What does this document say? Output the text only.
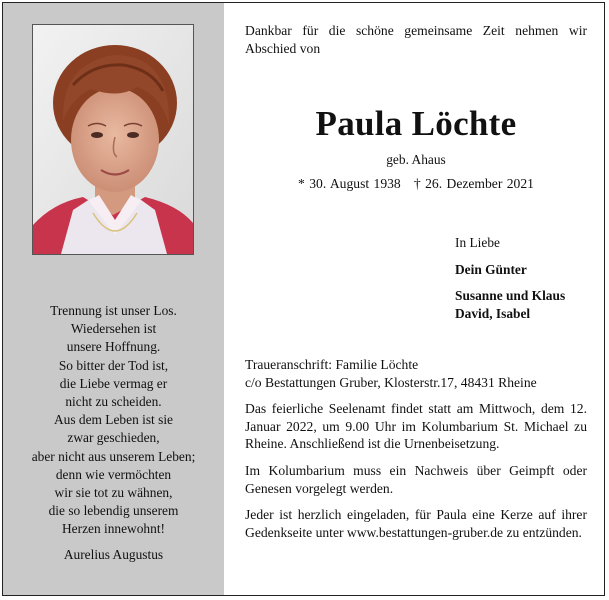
Trennung ist unser Los.
Wiedersehen ist
unsere Hoffnung.
So bitter der Tod ist,
die Liebe vermag er
nicht zu scheiden.
Aus dem Leben ist sie
zwar geschieden,
aber nicht aus unserem Leben;
denn wie vermöchten
wir sie tot zu wähnen,
die so lebendig unserem
Herzen innewohnt!
Aurelius Augustus
Dankbar für die schöne gemeinsame Zeit nehmen wir Abschied von
Paula Löchte
geb. Ahaus
* 30. August 1938   † 26. Dezember 2021
In Liebe
Dein Günter
Susanne und Klaus
David, Isabel

Traueranschrift: Familie Löchte

c/o Bestattungen Gruber, Klosterstr.17, 48431 Rheine

Das feierliche Seelenamt findet statt am Mittwoch, dem 12. Januar 2022, um 9.00 Uhr im Kolumbarium St. Michael zu Rheine. Anschließend ist die Urnenbeisetzung.

Im Kolumbarium muss ein Nachweis über Geimpft oder Genesen vorgelegt werden.

Jeder ist herzlich eingeladen, für Paula eine Kerze auf ihrer Gedenkseite unter www.bestattungen-gruber.de zu entzünden.
